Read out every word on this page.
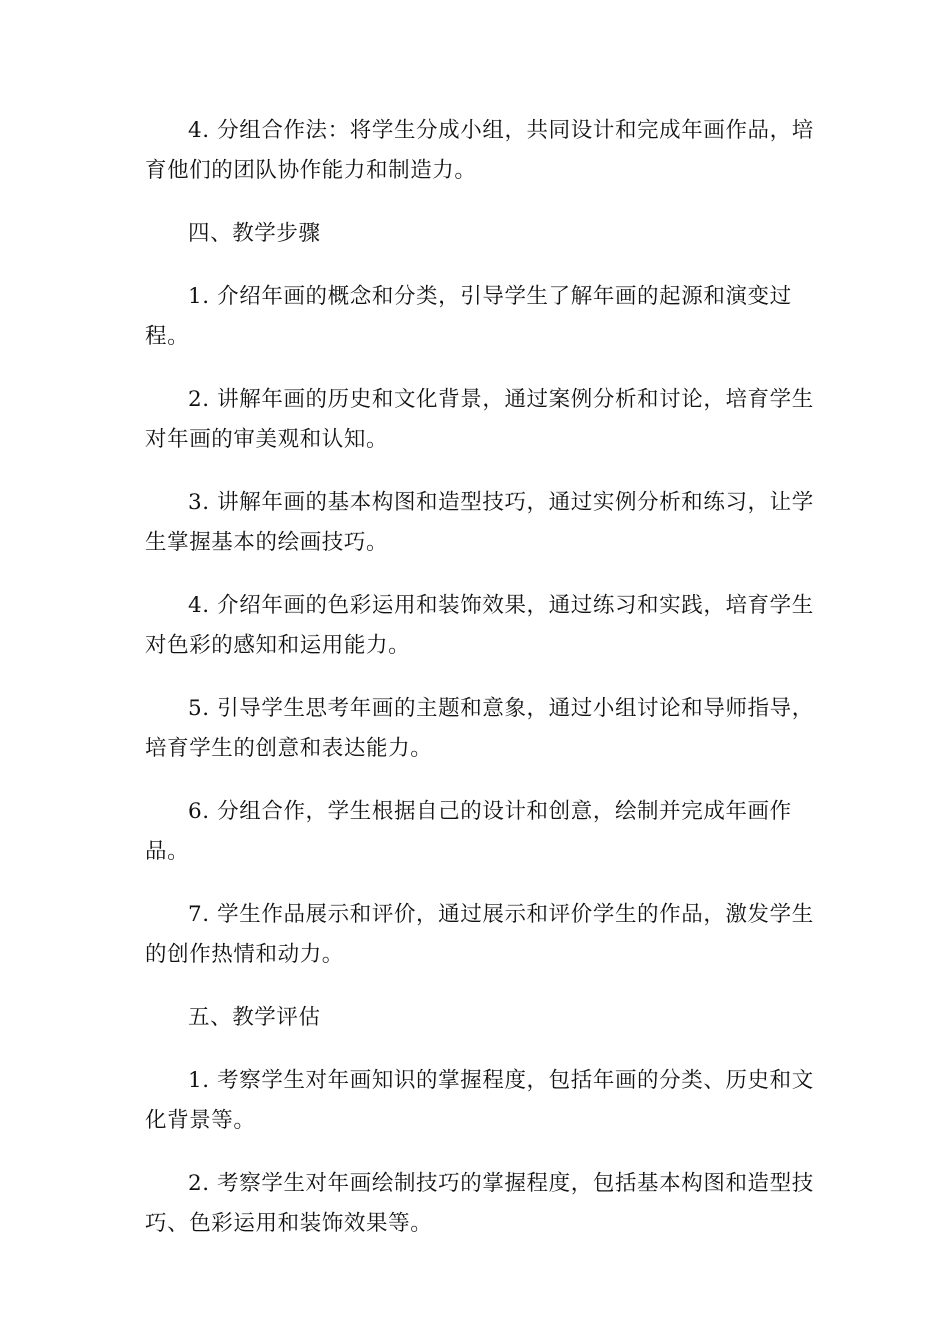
4. 分组合作法：将学生分成小组，共同设计和完成年画作品，培育他们的团队协作能力和制造力。

四、教学步骤

1. 介绍年画的概念和分类，引导学生了解年画的起源和演变过程。

2. 讲解年画的历史和文化背景，通过案例分析和讨论，培育学生对年画的审美观和认知。

3. 讲解年画的基本构图和造型技巧，通过实例分析和练习，让学生掌握基本的绘画技巧。

4. 介绍年画的色彩运用和装饰效果，通过练习和实践，培育学生对色彩的感知和运用能力。

5. 引导学生思考年画的主题和意象，通过小组讨论和导师指导，培育学生的创意和表达能力。

6. 分组合作，学生根据自己的设计和创意，绘制并完成年画作品。

7. 学生作品展示和评价，通过展示和评价学生的作品，激发学生的创作热情和动力。

五、教学评估

1. 考察学生对年画知识的掌握程度，包括年画的分类、历史和文化背景等。

2. 考察学生对年画绘制技巧的掌握程度，包括基本构图和造型技巧、色彩运用和装饰效果等。
